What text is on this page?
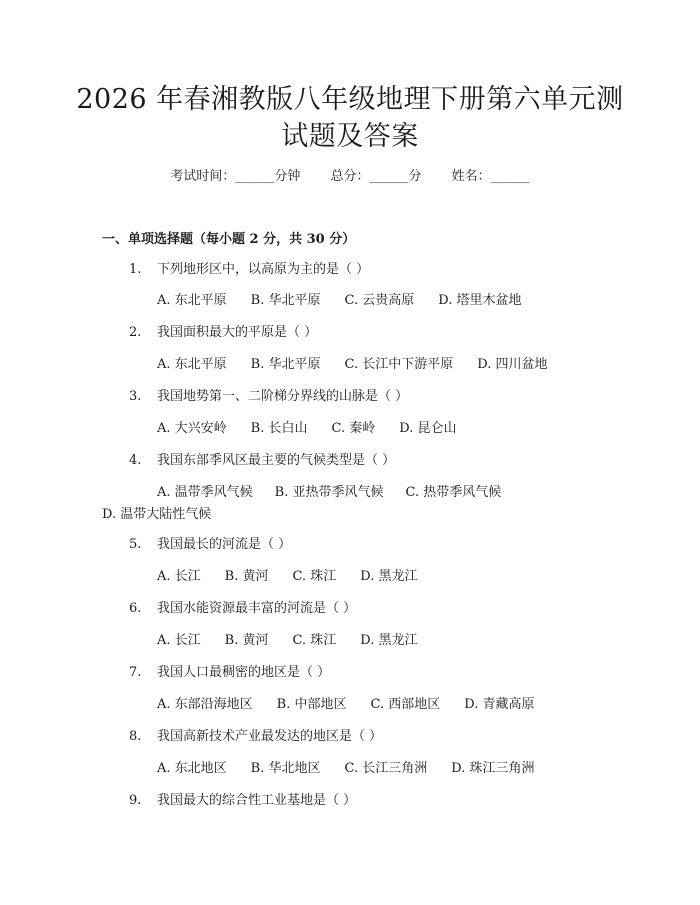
2026 年春湘教版八年级地理下册第六单元测
试题及答案
考试时间：______分钟 总分：______分 姓名：______
一、单项选择题（每小题 2 分，共 30 分）
1. 下列地形区中，以高原为主的是（ ）
A. 东北平原 B. 华北平原 C. 云贵高原 D. 塔里木盆地
2. 我国面积最大的平原是（ ）
A. 东北平原 B. 华北平原 C. 长江中下游平原 D. 四川盆地
3. 我国地势第一、二阶梯分界线的山脉是（ ）
A. 大兴安岭 B. 长白山 C. 秦岭 D. 昆仑山
4. 我国东部季风区最主要的气候类型是（ ）
A. 温带季风气候 B. 亚热带季风气候 C. 热带季风气候D. 温带大陆性气候
5. 我国最长的河流是（ ）
A. 长江 B. 黄河 C. 珠江 D. 黑龙江
6. 我国水能资源最丰富的河流是（ ）
A. 长江 B. 黄河 C. 珠江 D. 黑龙江
7. 我国人口最稠密的地区是（ ）
A. 东部沿海地区 B. 中部地区 C. 西部地区 D. 青藏高原
8. 我国高新技术产业最发达的地区是（ ）
A. 东北地区 B. 华北地区 C. 长江三角洲 D. 珠江三角洲
9. 我国最大的综合性工业基地是（ ）
